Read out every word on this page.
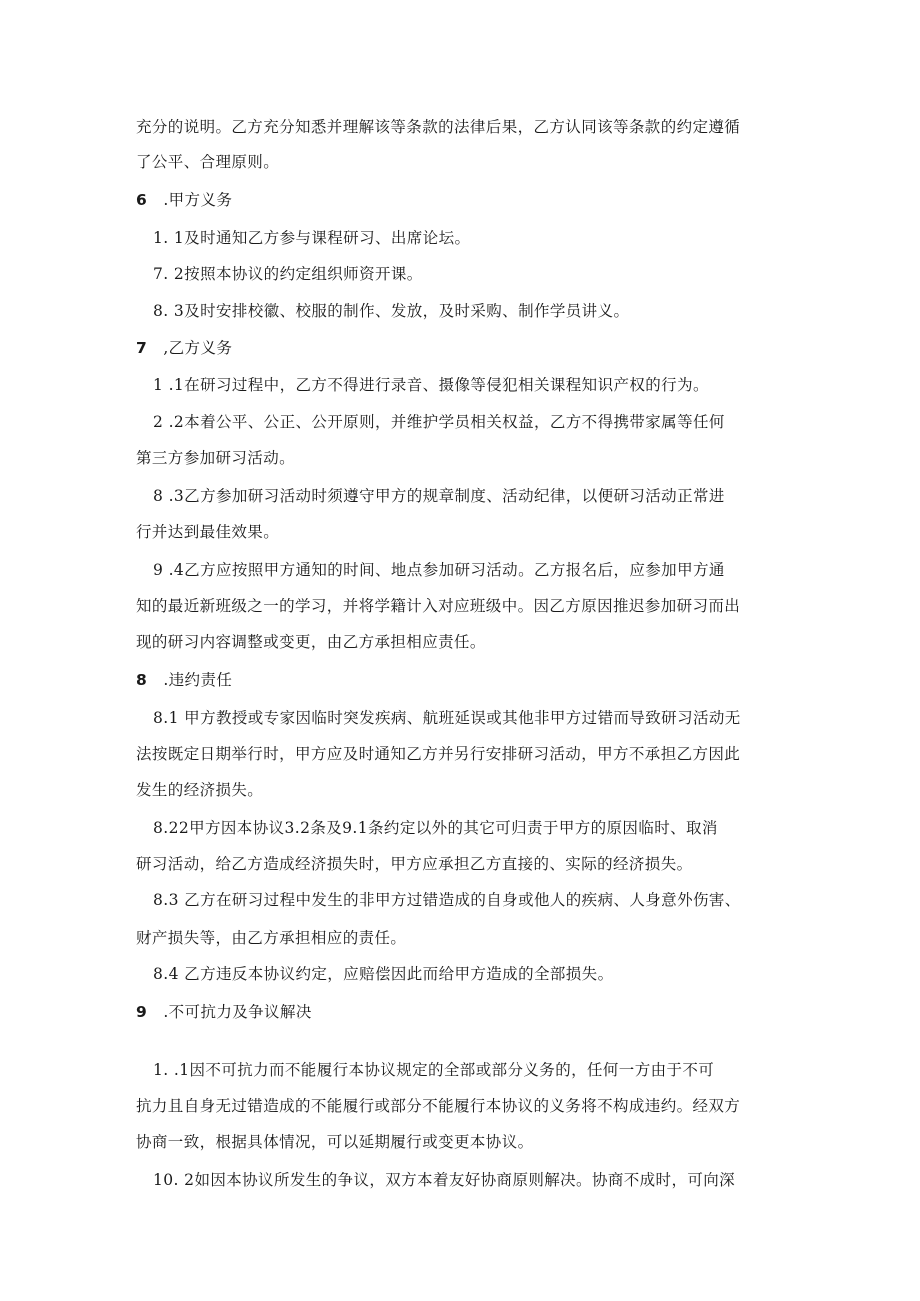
充分的说明。乙方充分知悉并理解该等条款的法律后果，乙方认同该等条款的约定遵循
了公平、合理原则。
6 .甲方义务
1. 1及时通知乙方参与课程研习、出席论坛。
7. 2按照本协议的约定组织师资开课。
8. 3及时安排校徽、校服的制作、发放，及时采购、制作学员讲义。
7 ,乙方义务
1 .1在研习过程中，乙方不得进行录音、摄像等侵犯相关课程知识产权的行为。
2 .2本着公平、公正、公开原则，并维护学员相关权益，乙方不得携带家属等任何
第三方参加研习活动。
8 .3乙方参加研习活动时须遵守甲方的规章制度、活动纪律，以便研习活动正常进
行并达到最佳效果。
9 .4乙方应按照甲方通知的时间、地点参加研习活动。乙方报名后，应参加甲方通
知的最近新班级之一的学习，并将学籍计入对应班级中。因乙方原因推迟参加研习而出
现的研习内容调整或变更，由乙方承担相应责任。
8 .违约责任
8.1 甲方教授或专家因临时突发疾病、航班延误或其他非甲方过错而导致研习活动无
法按既定日期举行时，甲方应及时通知乙方并另行安排研习活动，甲方不承担乙方因此
发生的经济损失。
8.22甲方因本协议3.2条及9.1条约定以外的其它可归责于甲方的原因临时、取消
研习活动，给乙方造成经济损失时，甲方应承担乙方直接的、实际的经济损失。
8.3 乙方在研习过程中发生的非甲方过错造成的自身或他人的疾病、人身意外伤害、
财产损失等，由乙方承担相应的责任。
8.4 乙方违反本协议约定，应赔偿因此而给甲方造成的全部损失。
9 .不可抗力及争议解决
1. .1因不可抗力而不能履行本协议规定的全部或部分义务的，任何一方由于不可
抗力且自身无过错造成的不能履行或部分不能履行本协议的义务将不构成违约。经双方
协商一致，根据具体情况，可以延期履行或变更本协议。
10. 2如因本协议所发生的争议，双方本着友好协商原则解决。协商不成时，可向深
